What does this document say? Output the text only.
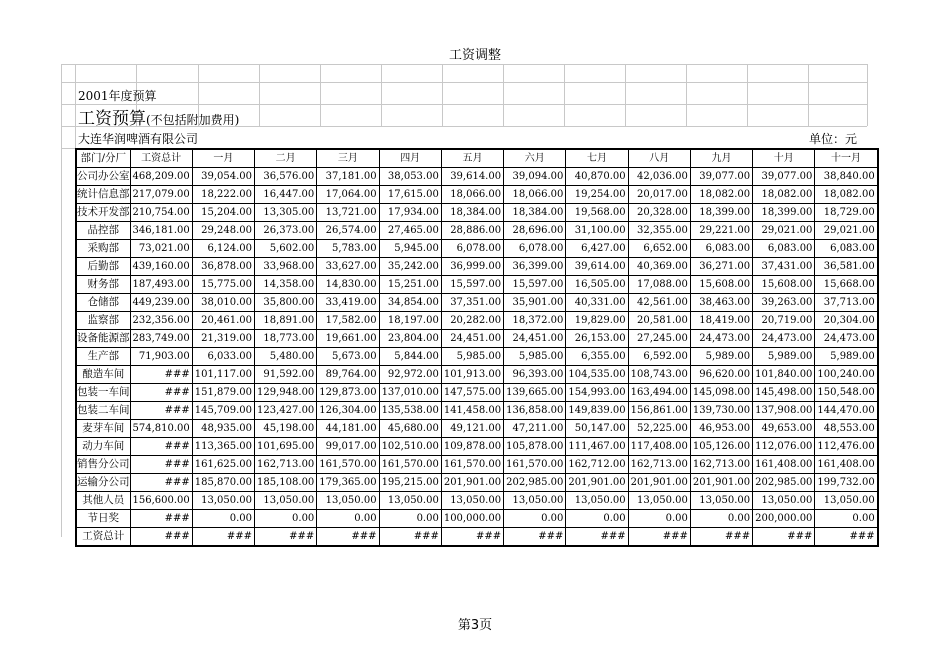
工资调整
2001年度预算
工资预算(不包括附加费用)
大连华润啤酒有限公司	单位：元
部门/分厂	工资总计	一月	二月	三月	四月	五月	六月	七月	八月	九月	十月	十一月
公司办公室	468,209.00	39,054.00	36,576.00	37,181.00	38,053.00	39,614.00	39,094.00	40,870.00	42,036.00	39,077.00	39,077.00	38,840.00
统计信息部	217,079.00	18,222.00	16,447.00	17,064.00	17,615.00	18,066.00	18,066.00	19,254.00	20,017.00	18,082.00	18,082.00	18,082.00
技术开发部	210,754.00	15,204.00	13,305.00	13,721.00	17,934.00	18,384.00	18,384.00	19,568.00	20,328.00	18,399.00	18,399.00	18,729.00
品控部	346,181.00	29,248.00	26,373.00	26,574.00	27,465.00	28,886.00	28,696.00	31,100.00	32,355.00	29,221.00	29,021.00	29,021.00
采购部	73,021.00	6,124.00	5,602.00	5,783.00	5,945.00	6,078.00	6,078.00	6,427.00	6,652.00	6,083.00	6,083.00	6,083.00
后勤部	439,160.00	36,878.00	33,968.00	33,627.00	35,242.00	36,999.00	36,399.00	39,614.00	40,369.00	36,271.00	37,431.00	36,581.00
财务部	187,493.00	15,775.00	14,358.00	14,830.00	15,251.00	15,597.00	15,597.00	16,505.00	17,088.00	15,608.00	15,608.00	15,668.00
仓储部	449,239.00	38,010.00	35,800.00	33,419.00	34,854.00	37,351.00	35,901.00	40,331.00	42,561.00	38,463.00	39,263.00	37,713.00
监察部	232,356.00	20,461.00	18,891.00	17,582.00	18,197.00	20,282.00	18,372.00	19,829.00	20,581.00	18,419.00	20,719.00	20,304.00
设备能源部	283,749.00	21,319.00	18,773.00	19,661.00	23,804.00	24,451.00	24,451.00	26,153.00	27,245.00	24,473.00	24,473.00	24,473.00
生产部	71,903.00	6,033.00	5,480.00	5,673.00	5,844.00	5,985.00	5,985.00	6,355.00	6,592.00	5,989.00	5,989.00	5,989.00
酿造车间	###	101,117.00	91,592.00	89,764.00	92,972.00	101,913.00	96,393.00	104,535.00	108,743.00	96,620.00	101,840.00	100,240.00
包装一车间	###	151,879.00	129,948.00	129,873.00	137,010.00	147,575.00	139,665.00	154,993.00	163,494.00	145,098.00	145,498.00	150,548.00
包装二车间	###	145,709.00	123,427.00	126,304.00	135,538.00	141,458.00	136,858.00	149,839.00	156,861.00	139,730.00	137,908.00	144,470.00
麦芽车间	574,810.00	48,935.00	45,198.00	44,181.00	45,680.00	49,121.00	47,211.00	50,147.00	52,225.00	46,953.00	49,653.00	48,553.00
动力车间	###	113,365.00	101,695.00	99,017.00	102,510.00	109,878.00	105,878.00	111,467.00	117,408.00	105,126.00	112,076.00	112,476.00
销售分公司	###	161,625.00	162,713.00	161,570.00	161,570.00	161,570.00	161,570.00	162,712.00	162,713.00	162,713.00	161,408.00	161,408.00
运输分公司	###	185,870.00	185,108.00	179,365.00	195,215.00	201,901.00	202,985.00	201,901.00	201,901.00	201,901.00	202,985.00	199,732.00
其他人员	156,600.00	13,050.00	13,050.00	13,050.00	13,050.00	13,050.00	13,050.00	13,050.00	13,050.00	13,050.00	13,050.00	13,050.00
节日奖	###	0.00	0.00	0.00	0.00	100,000.00	0.00	0.00	0.00	0.00	200,000.00	0.00
工资总计	###	###	###	###	###	###	###	###	###	###	###	###
第3页
